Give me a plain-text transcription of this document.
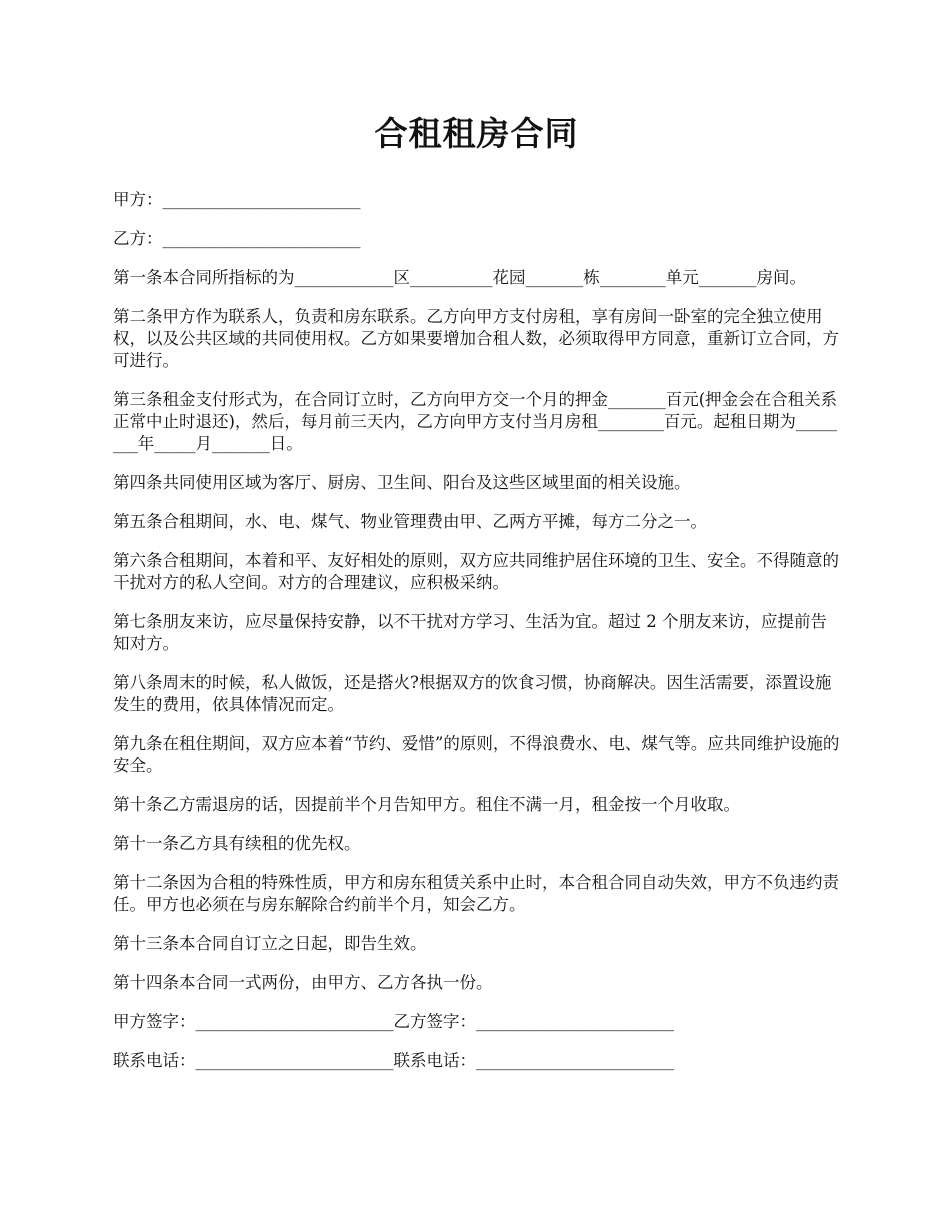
合租租房合同

甲方：________________________

乙方：________________________

第一条本合同所指标的为____________区__________花园_______栋________单元_______房间。

第二条甲方作为联系人，负责和房东联系。乙方向甲方支付房租，享有房间一卧室的完全独立使用权，以及公共区域的共同使用权。乙方如果要增加合租人数，必须取得甲方同意，重新订立合同，方可进行。

第三条租金支付形式为，在合同订立时，乙方向甲方交一个月的押金_______百元(押金会在合租关系正常中止时退还)，然后，每月前三天内，乙方向甲方支付当月房租________百元。起租日期为________年_____月_______日。

第四条共同使用区域为客厅、厨房、卫生间、阳台及这些区域里面的相关设施。

第五条合租期间，水、电、煤气、物业管理费由甲、乙两方平摊，每方二分之一。

第六条合租期间，本着和平、友好相处的原则，双方应共同维护居住环境的卫生、安全。不得随意的干扰对方的私人空间。对方的合理建议，应积极采纳。

第七条朋友来访，应尽量保持安静，以不干扰对方学习、生活为宜。超过 2 个朋友来访，应提前告知对方。

第八条周末的时候，私人做饭，还是搭火?根据双方的饮食习惯，协商解决。因生活需要，添置设施发生的费用，依具体情况而定。

第九条在租住期间，双方应本着“节约、爱惜”的原则，不得浪费水、电、煤气等。应共同维护设施的安全。

第十条乙方需退房的话，因提前半个月告知甲方。租住不满一月，租金按一个月收取。

第十一条乙方具有续租的优先权。

第十二条因为合租的特殊性质，甲方和房东租赁关系中止时，本合租合同自动失效，甲方不负违约责任。甲方也必须在与房东解除合约前半个月，知会乙方。

第十三条本合同自订立之日起，即告生效。

第十四条本合同一式两份，由甲方、乙方各执一份。

甲方签字：________________________乙方签字：________________________

联系电话：________________________联系电话：________________________
